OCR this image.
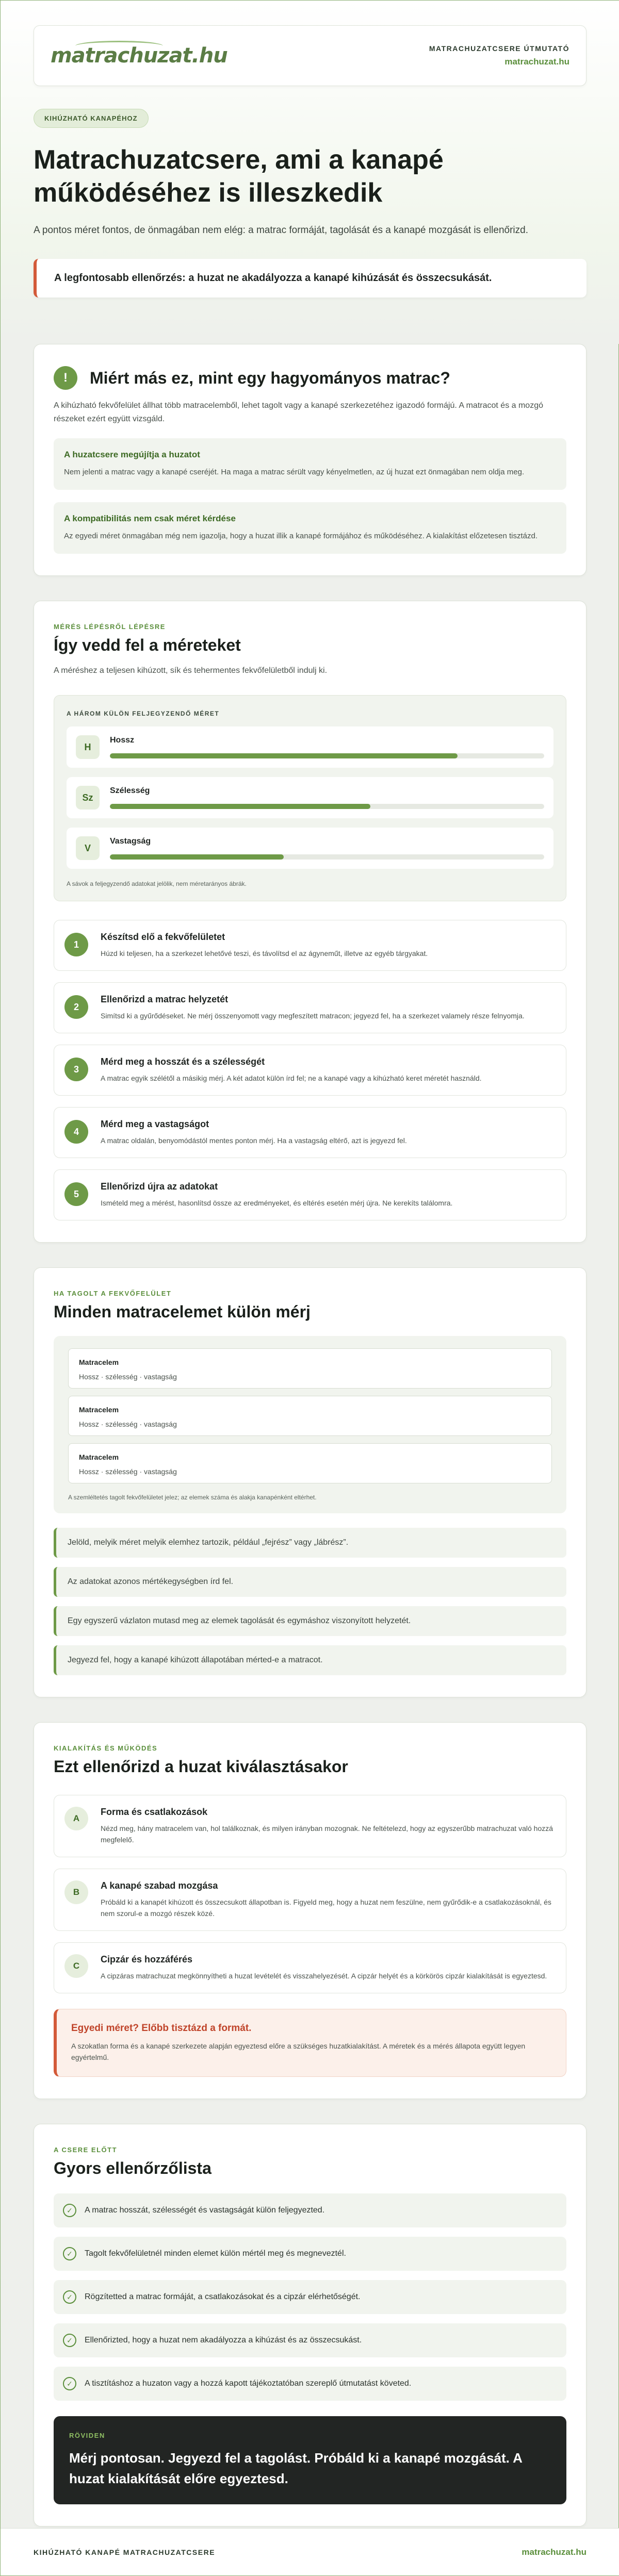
matrachuzat.hu	MATRACHUZATCSERE ÚTMUTATÓ
matrachuzat.hu
KIHÚZHATÓ KANAPÉHOZ
Matrachuzatcsere, ami a kanapé működéséhez is illeszkedik

A pontos méret fontos, de önmagában nem elég: a matrac formáját, tagolását és a kanapé mozgását is ellenőrizd.

A legfontosabb ellenőrzés: a huzat ne akadályozza a kanapé kihúzását és összecsukását.
!	Miért más ez, mint egy hagyományos matrac?

A kihúzható fekvőfelület állhat több matracelemből, lehet tagolt vagy a kanapé szerkezetéhez igazodó formájú. A matracot és a mozgó részeket ezért együtt vizsgáld.

A huzatcsere megújítja a huzatot

Nem jelenti a matrac vagy a kanapé cseréjét. Ha maga a matrac sérült vagy kényelmetlen, az új huzat ezt önmagában nem oldja meg.

A kompatibilitás nem csak méret kérdése

Az egyedi méret önmagában még nem igazolja, hogy a huzat illik a kanapé formájához és működéséhez. A kialakítást előzetesen tisztázd.

MÉRÉS LÉPÉSRŐL LÉPÉSRE
Így vedd fel a méreteket

A méréshez a teljesen kihúzott, sík és tehermentes fekvőfelületből indulj ki.

A HÁROM KÜLÖN FELJEGYZENDŐ MÉRET
H
Hossz
Sz
Szélesség
V
Vastagság
A sávok a feljegyzendő adatokat jelölik, nem méretarányos ábrák.
1
Készítsd elő a fekvőfelületet

Húzd ki teljesen, ha a szerkezet lehetővé teszi, és távolítsd el az ágyneműt, illetve az egyéb tárgyakat.

2
Ellenőrizd a matrac helyzetét

Simítsd ki a gyűrődéseket. Ne mérj összenyomott vagy megfeszített matracon; jegyezd fel, ha a szerkezet valamely része felnyomja.

3
Mérd meg a hosszát és a szélességét

A matrac egyik szélétől a másikig mérj. A két adatot külön írd fel; ne a kanapé vagy a kihúzható keret méretét használd.

4
Mérd meg a vastagságot

A matrac oldalán, benyomódástól mentes ponton mérj. Ha a vastagság eltérő, azt is jegyezd fel.

5
Ellenőrizd újra az adatokat

Ismételd meg a mérést, hasonlítsd össze az eredményeket, és eltérés esetén mérj újra. Ne kerekíts találomra.

HA TAGOLT A FEKVŐFELÜLET
Minden matracelemet külön mérj
Matracelem
Hossz · szélesség · vastagság
Matracelem
Hossz · szélesség · vastagság
Matracelem
Hossz · szélesség · vastagság
A szemléltetés tagolt fekvőfelületet jelez; az elemek száma és alakja kanapénként eltérhet.
Jelöld, melyik méret melyik elemhez tartozik, például „fejrész” vagy „lábrész”.
Az adatokat azonos mértékegységben írd fel.
Egy egyszerű vázlaton mutasd meg az elemek tagolását és egymáshoz viszonyított helyzetét.
Jegyezd fel, hogy a kanapé kihúzott állapotában mérted-e a matracot.
KIALAKÍTÁS ÉS MŰKÖDÉS
Ezt ellenőrizd a huzat kiválasztásakor
A
Forma és csatlakozások

Nézd meg, hány matracelem van, hol találkoznak, és milyen irányban mozognak. Ne feltételezd, hogy az egyszerűbb matrachuzat való hozzá megfelelő.

B
A kanapé szabad mozgása

Próbáld ki a kanapét kihúzott és összecsukott állapotban is. Figyeld meg, hogy a huzat nem feszülne, nem gyűrődik-e a csatlakozásoknál, és nem szorul-e a mozgó részek közé.

C
Cipzár és hozzáférés

A cipzáras matrachuzat megkönnyítheti a huzat levételét és visszahelyezését. A cipzár helyét és a körkörös cipzár kialakítását is egyeztesd.

Egyedi méret? Előbb tisztázd a formát.

A szokatlan forma és a kanapé szerkezete alapján egyeztesd előre a szükséges huzatkialakítást. A méretek és a mérés állapota együtt legyen egyértelmű.

A CSERE ELŐTT
Gyors ellenőrzőlista
✓	A matrac hosszát, szélességét és vastagságát külön feljegyezted.
✓	Tagolt fekvőfelületnél minden elemet külön mértél meg és megneveztél.
✓	Rögzítetted a matrac formáját, a csatlakozásokat és a cipzár elérhetőségét.
✓	Ellenőrizted, hogy a huzat nem akadályozza a kihúzást és az összecsukást.
✓	A tisztításhoz a huzaton vagy a hozzá kapott tájékoztatóban szereplő útmutatást követed.
RÖVIDEN
Mérj pontosan. Jegyezd fel a tagolást. Próbáld ki a kanapé mozgását. A huzat kialakítását előre egyeztesd.
KIHÚZHATÓ KANAPÉ MATRACHUZATCSERE	matrachuzat.hu
